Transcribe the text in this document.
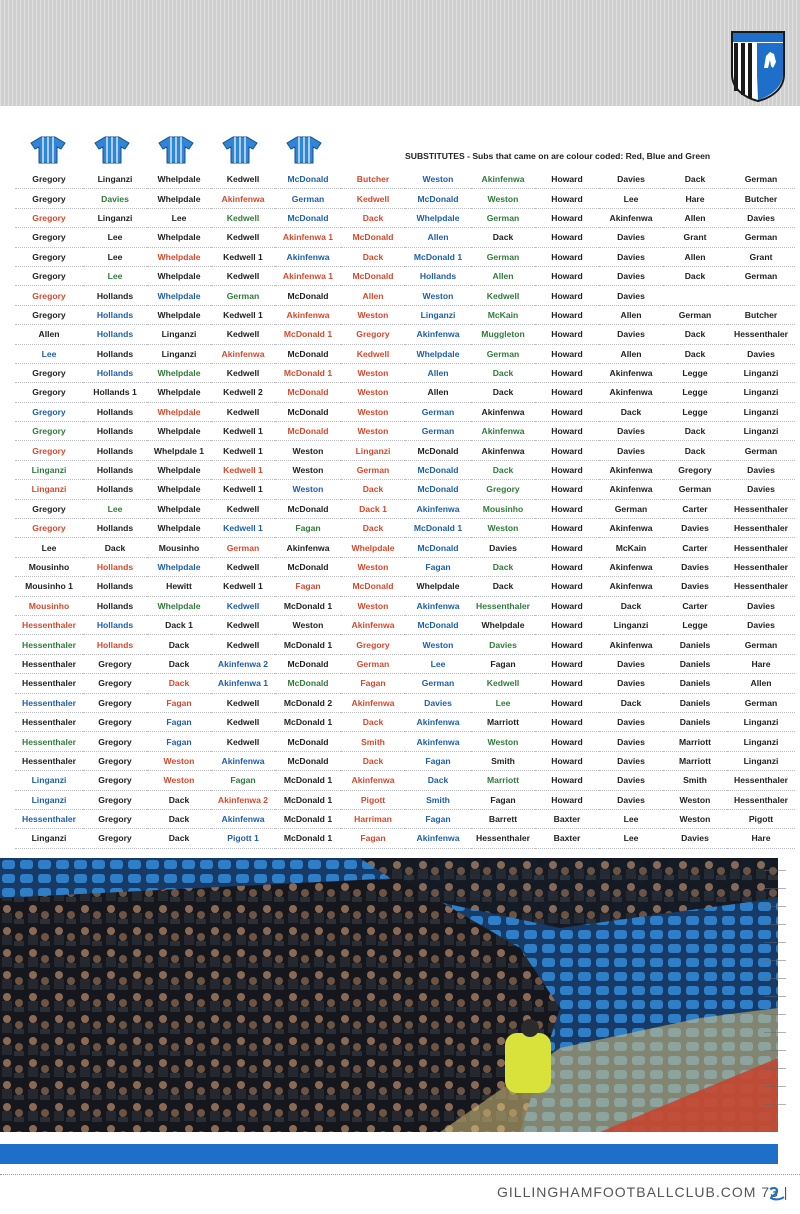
SUBSTITUTES - Subs that came on are colour coded: Red, Blue and Green
Gregory	Linganzi	Whelpdale	Kedwell	McDonald	Butcher	Weston	Akinfenwa	Howard	Davies	Dack	German
Gregory	Davies	Whelpdale	Akinfenwa	German	Kedwell	McDonald	Weston	Howard	Lee	Hare	Butcher
Gregory	Linganzi	Lee	Kedwell	McDonald	Dack	Whelpdale	German	Howard	Akinfenwa	Allen	Davies
Gregory	Lee	Whelpdale	Kedwell	Akinfenwa 1	McDonald	Allen	Dack	Howard	Davies	Grant	German
Gregory	Lee	Whelpdale	Kedwell 1	Akinfenwa	Dack	McDonald 1	German	Howard	Davies	Allen	Grant
Gregory	Lee	Whelpdale	Kedwell	Akinfenwa 1	McDonald	Hollands	Allen	Howard	Davies	Dack	German
Gregory	Hollands	Whelpdale	German	McDonald	Allen	Weston	Kedwell	Howard	Davies		
Gregory	Hollands	Whelpdale	Kedwell 1	Akinfenwa	Weston	Linganzi	McKain	Howard	Allen	German	Butcher
Allen	Hollands	Linganzi	Kedwell	McDonald 1	Gregory	Akinfenwa	Muggleton	Howard	Davies	Dack	Hessenthaler
Lee	Hollands	Linganzi	Akinfenwa	McDonald	Kedwell	Whelpdale	German	Howard	Allen	Dack	Davies
Gregory	Hollands	Whelpdale	Kedwell	McDonald 1	Weston	Allen	Dack	Howard	Akinfenwa	Legge	Linganzi
Gregory	Hollands 1	Whelpdale	Kedwell 2	McDonald	Weston	Allen	Dack	Howard	Akinfenwa	Legge	Linganzi
Gregory	Hollands	Whelpdale	Kedwell	McDonald	Weston	German	Akinfenwa	Howard	Dack	Legge	Linganzi
Gregory	Hollands	Whelpdale	Kedwell 1	McDonald	Weston	German	Akinfenwa	Howard	Davies	Dack	Linganzi
Gregory	Hollands	Whelpdale 1	Kedwell 1	Weston	Linganzi	McDonald	Akinfenwa	Howard	Davies	Dack	German
Linganzi	Hollands	Whelpdale	Kedwell 1	Weston	German	McDonald	Dack	Howard	Akinfenwa	Gregory	Davies
Linganzi	Hollands	Whelpdale	Kedwell 1	Weston	Dack	McDonald	Gregory	Howard	Akinfenwa	German	Davies
Gregory	Lee	Whelpdale	Kedwell	McDonald	Dack 1	Akinfenwa	Mousinho	Howard	German	Carter	Hessenthaler
Gregory	Hollands	Whelpdale	Kedwell 1	Fagan	Dack	McDonald 1	Weston	Howard	Akinfenwa	Davies	Hessenthaler
Lee	Dack	Mousinho	German	Akinfenwa	Whelpdale	McDonald	Davies	Howard	McKain	Carter	Hessenthaler
Mousinho	Hollands	Whelpdale	Kedwell	McDonald	Weston	Fagan	Dack	Howard	Akinfenwa	Davies	Hessenthaler
Mousinho 1	Hollands	Hewitt	Kedwell 1	Fagan	McDonald	Whelpdale	Dack	Howard	Akinfenwa	Davies	Hessenthaler
Mousinho	Hollands	Whelpdale	Kedwell	McDonald 1	Weston	Akinfenwa	Hessenthaler	Howard	Dack	Carter	Davies
Hessenthaler	Hollands	Dack 1	Kedwell	Weston	Akinfenwa	McDonald	Whelpdale	Howard	Linganzi	Legge	Davies
Hessenthaler	Hollands	Dack	Kedwell	McDonald 1	Gregory	Weston	Davies	Howard	Akinfenwa	Daniels	German
Hessenthaler	Gregory	Dack	Akinfenwa 2	McDonald	German	Lee	Fagan	Howard	Davies	Daniels	Hare
Hessenthaler	Gregory	Dack	Akinfenwa 1	McDonald	Fagan	German	Kedwell	Howard	Davies	Daniels	Allen
Hessenthaler	Gregory	Fagan	Kedwell	McDonald 2	Akinfenwa	Davies	Lee	Howard	Dack	Daniels	German
Hessenthaler	Gregory	Fagan	Kedwell	McDonald 1	Dack	Akinfenwa	Marriott	Howard	Davies	Daniels	Linganzi
Hessenthaler	Gregory	Fagan	Kedwell	McDonald	Smith	Akinfenwa	Weston	Howard	Davies	Marriott	Linganzi
Hessenthaler	Gregory	Weston	Akinfenwa	McDonald	Dack	Fagan	Smith	Howard	Davies	Marriott	Linganzi
Linganzi	Gregory	Weston	Fagan	McDonald 1	Akinfenwa	Dack	Marriott	Howard	Davies	Smith	Hessenthaler
Linganzi	Gregory	Dack	Akinfenwa 2	McDonald 1	Pigott	Smith	Fagan	Howard	Davies	Weston	Hessenthaler
Hessenthaler	Gregory	Dack	Akinfenwa	McDonald 1	Harriman	Fagan	Barrett	Baxter	Lee	Weston	Pigott
Linganzi	Gregory	Dack	Pigott 1	McDonald 1	Fagan	Akinfenwa	Hessenthaler	Baxter	Lee	Davies	Hare
GILLINGHAMFOOTBALLCLUB.COM 73 |
